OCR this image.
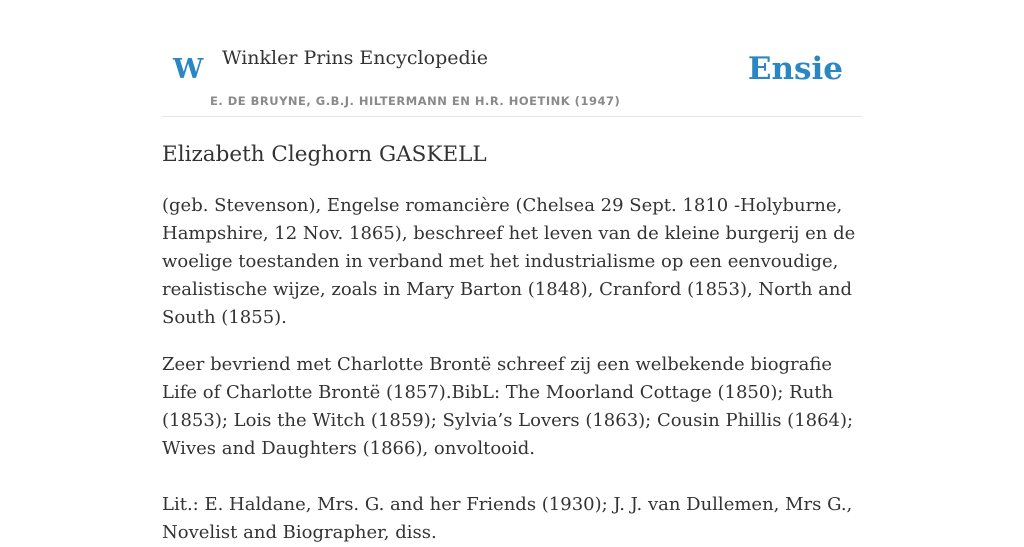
W Winkler Prins Encyclopedie
E. DE BRUYNE, G.B.J. HILTERMANN EN H.R. HOETINK (1947)
Ensie
Elizabeth Cleghorn GASKELL

(geb. Stevenson), Engelse romancière (Chelsea 29 Sept. 1810 -Holyburne, Hampshire, 12 Nov. 1865), beschreef het leven van de kleine burgerij en de woelige toestanden in verband met het industrialisme op een eenvoudige, realistische wijze, zoals in Mary Barton (1848), Cranford (1853), North and South (1855).

Zeer bevriend met Charlotte Brontë schreef zij een welbekende biografie Life of Charlotte Brontë (1857).BibL: The Moorland Cottage (1850); Ruth (1853); Lois the Witch (1859); Sylvia’s Lovers (1863); Cousin Phillis (1864); Wives and Daughters (1866), onvoltooid.

Lit.: E. Haldane, Mrs. G. and her Friends (1930); J. J. van Dullemen, Mrs G., Novelist and Biographer, diss.
